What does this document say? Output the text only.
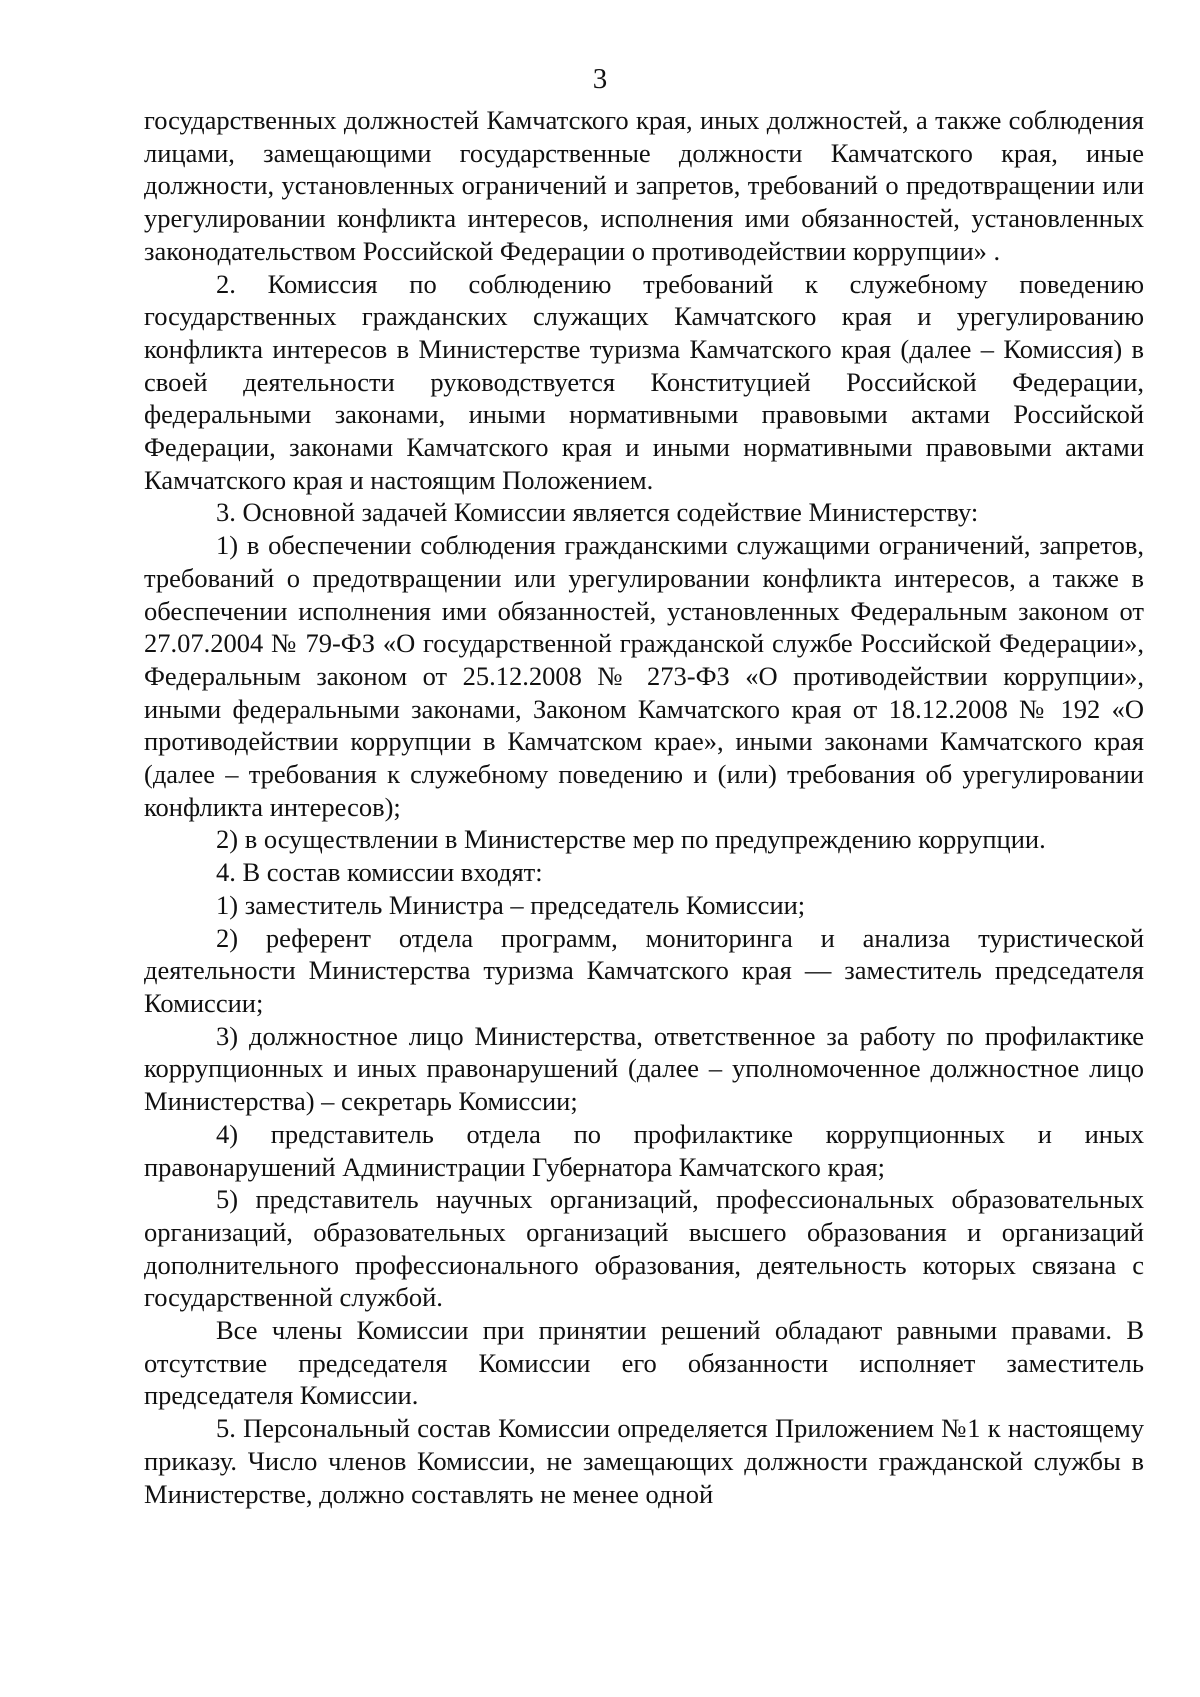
3

государственных должностей Камчатского края, иных должностей, а также соблюдения лицами, замещающими государственные должности Камчатского края, иные должности, установленных ограничений и запретов, требований о предотвращении или урегулировании конфликта интересов, исполнения ими обязанностей, установленных законодательством Российской Федерации о противодействии коррупции» .

2. Комиссия по соблюдению требований к служебному поведению государственных гражданских служащих Камчатского края и урегулированию конфликта интересов в Министерстве туризма Камчатского края (далее – Комиссия) в своей деятельности руководствуется Конституцией Российской Федерации, федеральными законами, иными нормативными правовыми актами Российской Федерации, законами Камчатского края и иными нормативными правовыми актами Камчатского края и настоящим Положением.

3. Основной задачей Комиссии является содействие Министерству:

1) в обеспечении соблюдения гражданскими служащими ограничений, запретов, требований о предотвращении или урегулировании конфликта интересов, а также в обеспечении исполнения ими обязанностей, установленных Федеральным законом от 27.07.2004 № 79-ФЗ «О государственной гражданской службе Российской Федерации», Федеральным законом от 25.12.2008 № 273-ФЗ «О противодействии коррупции», иными федеральными законами, Законом Камчатского края от 18.12.2008 № 192 «О противодействии коррупции в Камчатском крае», иными законами Камчатского края (далее – требования к служебному поведению и (или) требования об урегулировании конфликта интересов);

2) в осуществлении в Министерстве мер по предупреждению коррупции.

4. В состав комиссии входят:

1) заместитель Министра – председатель Комиссии;

2) референт отдела программ, мониторинга и анализа туристической деятельности Министерства туризма Камчатского края — заместитель председателя Комиссии;

3) должностное лицо Министерства, ответственное за работу по профилактике коррупционных и иных правонарушений (далее – уполномоченное должностное лицо Министерства) – секретарь Комиссии;

4) представитель отдела по профилактике коррупционных и иных правонарушений Администрации Губернатора Камчатского края;

5) представитель научных организаций, профессиональных образовательных организаций, образовательных организаций высшего образования и организаций дополнительного профессионального образования, деятельность которых связана с государственной службой.

Все члены Комиссии при принятии решений обладают равными правами. В отсутствие председателя Комиссии его обязанности исполняет заместитель председателя Комиссии.

5. Персональный состав Комиссии определяется Приложением №1 к настоящему приказу. Число членов Комиссии, не замещающих должности гражданской службы в Министерстве, должно составлять не менее одной
